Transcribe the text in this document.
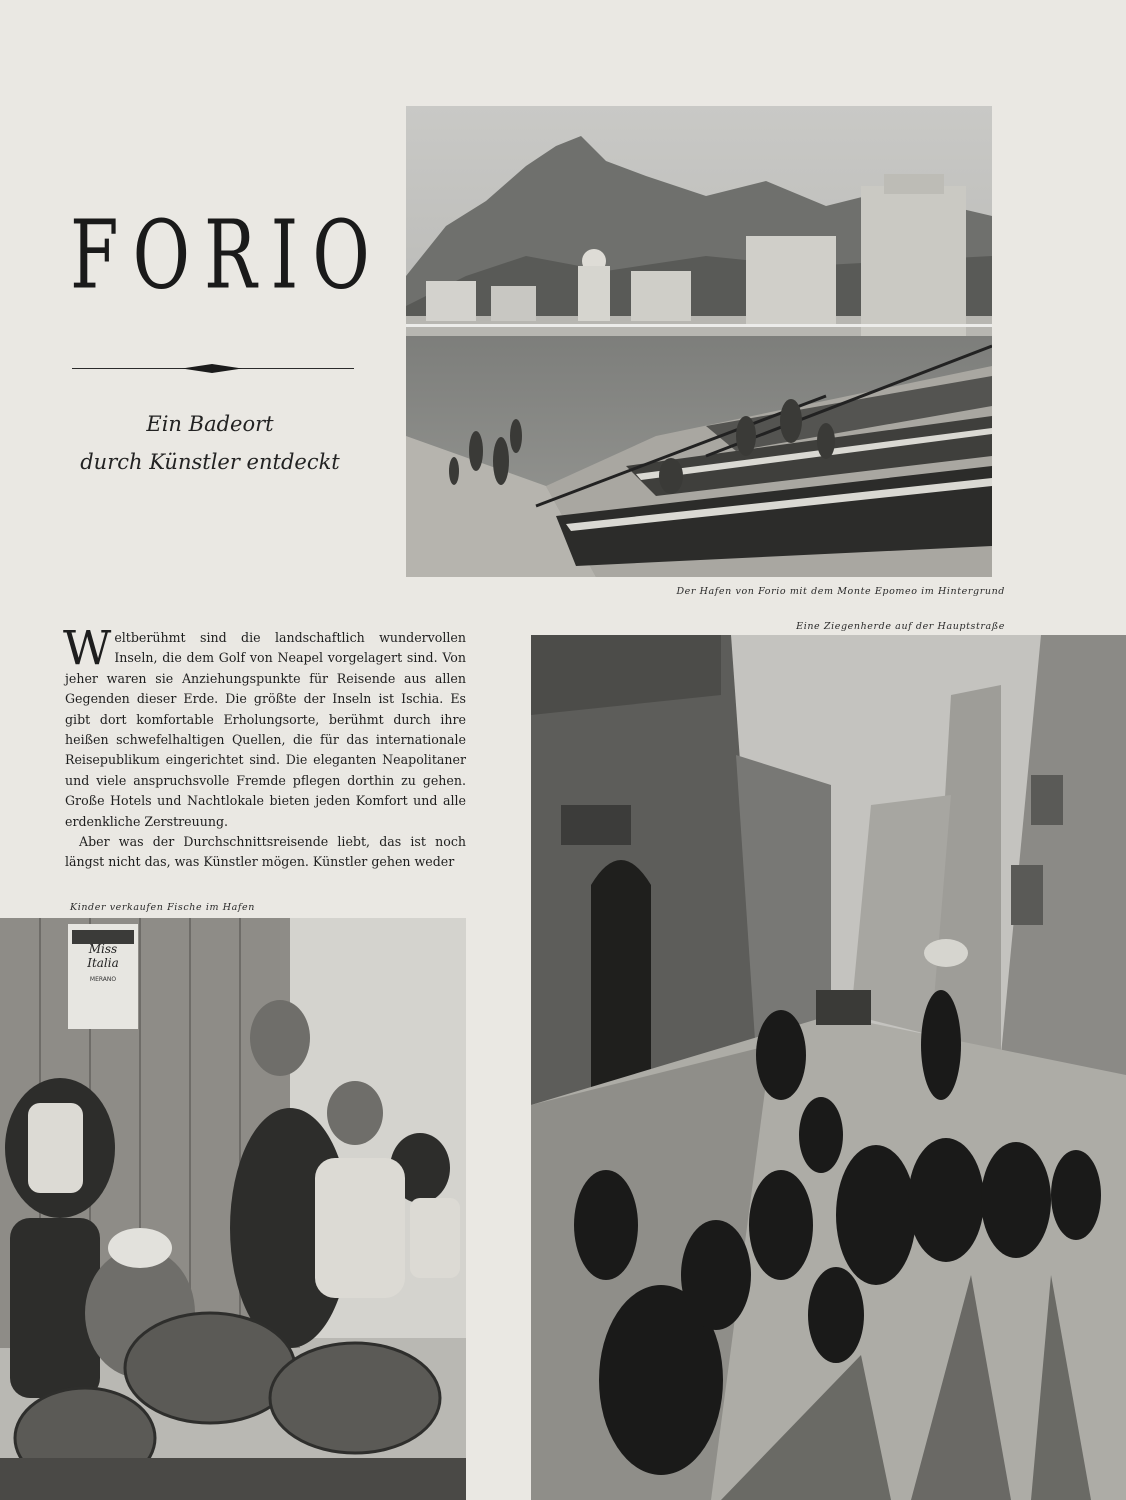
FORIO
Ein Badeort
durch Künstler entdeckt
Der Hafen von Forio mit dem Monte Epomeo im Hintergrund
Eine Ziegenherde auf der Hauptstraße

Weltberühmt sind die landschaftlich wundervollen Inseln, die dem Golf von Neapel vorgelagert sind. Von jeher waren sie Anziehungspunkte für Reisende aus allen Gegenden dieser Erde. Die größte der Inseln ist Ischia. Es gibt dort komfortable Erholungsorte, berühmt durch ihre heißen schwefelhaltigen Quellen, die für das internationale Reisepublikum eingerichtet sind. Die eleganten Neapolitaner und viele anspruchsvolle Fremde pflegen dorthin zu gehen. Große Hotels und Nachtlokale bieten jeden Komfort und alle erdenkliche Zerstreuung.

Aber was der Durchschnittsreisende liebt, das ist noch längst nicht das, was Künstler mögen. Künstler gehen weder

Kinder verkaufen Fische im Hafen
Miss Italia
MERANO
